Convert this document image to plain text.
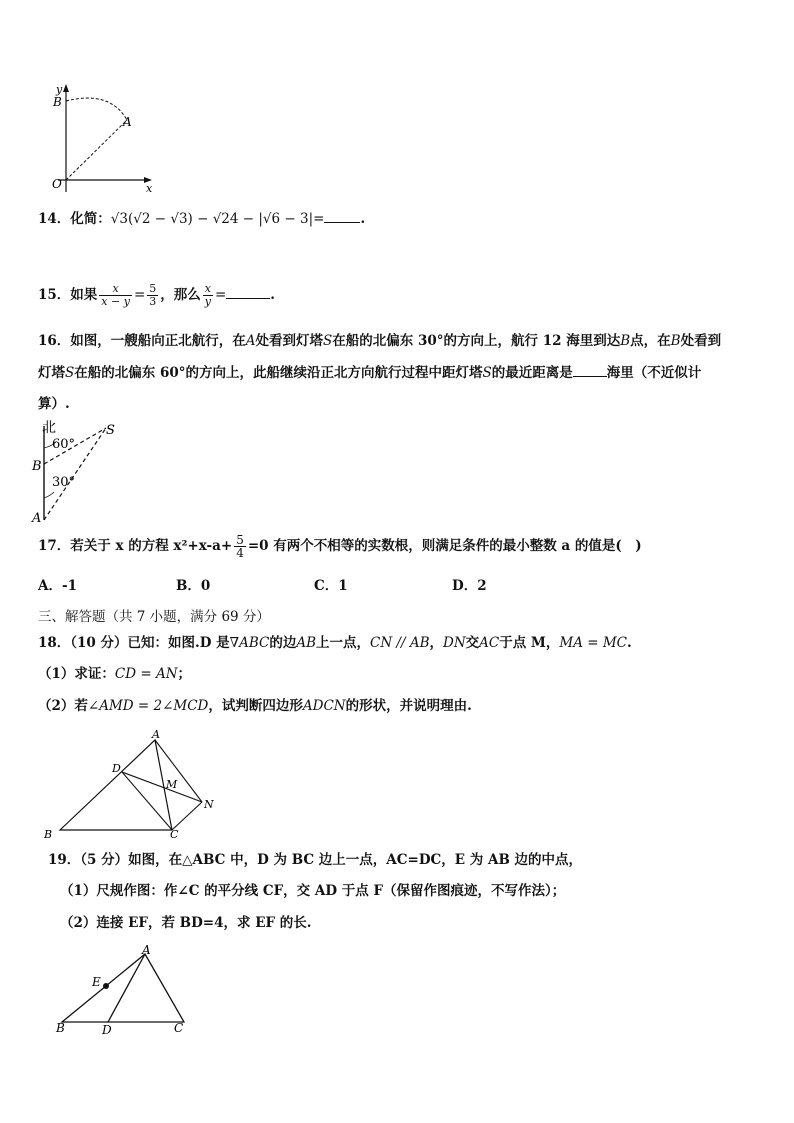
y
B
A
O	x
14．化简：√3(√2 − √3) − √24 − |√6 − 3|=	.
15．如果 $\frac{x}{x - y} = \frac{5}{3}$ ，那么 $\frac{x}{y}$ =	.
16．如图，一艘船向正北航行，在A处看到灯塔S在船的北偏东 30°的方向上，航行 12 海里到达B点，在B处看到
灯塔S在船的北偏东 60°的方向上，此船继续沿正北方向航行过程中距灯塔S的最近距离是	海里（不近似计
算）.
北
60°
30°
S
B
A
17．若关于 x 的方程 $x^2+x-a+ \frac{5}{4} =0$ 有两个不相等的实数根，则满足条件的最小整数 a 的值是(　)
A．-1	B．0	C．1	D．2
三、解答题（共 7 小题，满分 69 分）
18．（10 分）已知：如图.D 是∇ABC的边AB上一点，CN // AB，DN交AC于点 M，MA = MC.
（1）求证：CD = AN；
（2）若∠AMD = 2∠MCD，试判断四边形ADCN的形状，并说明理由.
A
D
M
N
B	C
19．（5 分）如图，在△ABC 中，D 为 BC 边上一点，AC=DC，E 为 AB 边的中点，
（1）尺规作图：作∠C 的平分线 CF，交 AD 于点 F（保留作图痕迹，不写作法）；
（2）连接 EF，若 BD=4，求 EF 的长.
A
E
B	D	C
